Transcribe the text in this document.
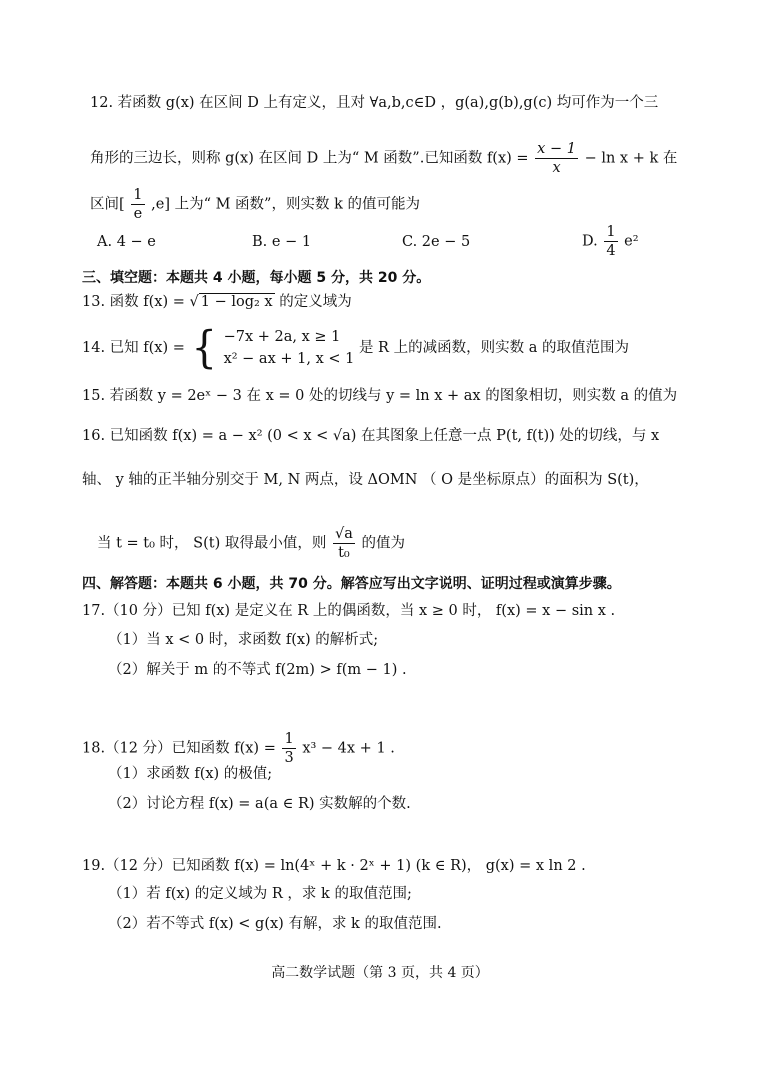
12. 若函数 g(x) 在区间 D 上有定义，且对 ∀a,b,c∈D ，g(a),g(b),g(c) 均可作为一个三
角形的三边长，则称 g(x) 在区间 D 上为“ M 函数”.已知函数 $f(x) = \frac{x - 1}{x} - \ln x + k$ 在
区间[ $\frac{1}{e} ,e$] 上为“ M 函数”，则实数 k 的值可能为
A. 4 − e	B. e − 1	C. 2e − 5	D. $\frac{1}{4} e^2$
三、填空题：本题共 4 小题，每小题 5 分，共 20 分。
13. 函数 f(x) = √ 1 − log₂ x 的定义域为
14. 已知 f(x) = { −7x + 2a, x ≥ 1
x² − ax + 1, x < 1
是 R 上的减函数，则实数 a 的取值范围为
15. 若函数 y = 2eˣ − 3 在 x = 0 处的切线与 y = ln x + ax 的图象相切，则实数 a 的值为
16. 已知函数 f(x) = a − x² (0 < x < √a) 在其图象上任意一点 P(t, f(t)) 处的切线，与 x
轴、 y 轴的正半轴分别交于 M, N 两点，设 ΔOMN （ O 是坐标原点）的面积为 S(t)，
当 t = t₀ 时， S(t) 取得最小值，则 $\frac{√a}{\text{t₀}}$ 的值为
四、解答题：本题共 6 小题，共 70 分。解答应写出文字说明、证明过程或演算步骤。
17.（10 分）已知 f(x) 是定义在 R 上的偶函数，当 x ≥ 0 时， f(x) = x − sin x .
（1）当 x < 0 时，求函数 f(x) 的解析式;
（2）解关于 m 的不等式 f(2m) > f(m − 1) .
18.（12 分）已知函数 $f(x) = \frac{1}{3} x^3 - 4x + 1$ .
（1）求函数 f(x) 的极值;
（2）讨论方程 f(x) = a(a ∈ R) 实数解的个数.
19.（12 分）已知函数 f(x) = ln(4ˣ + k · 2ˣ + 1) (k ∈ R)， g(x) = x ln 2 .
（1）若 f(x) 的定义域为 R ，求 k 的取值范围;
（2）若不等式 f(x) < g(x) 有解，求 k 的取值范围.
高二数学试题（第 3 页，共 4 页）
